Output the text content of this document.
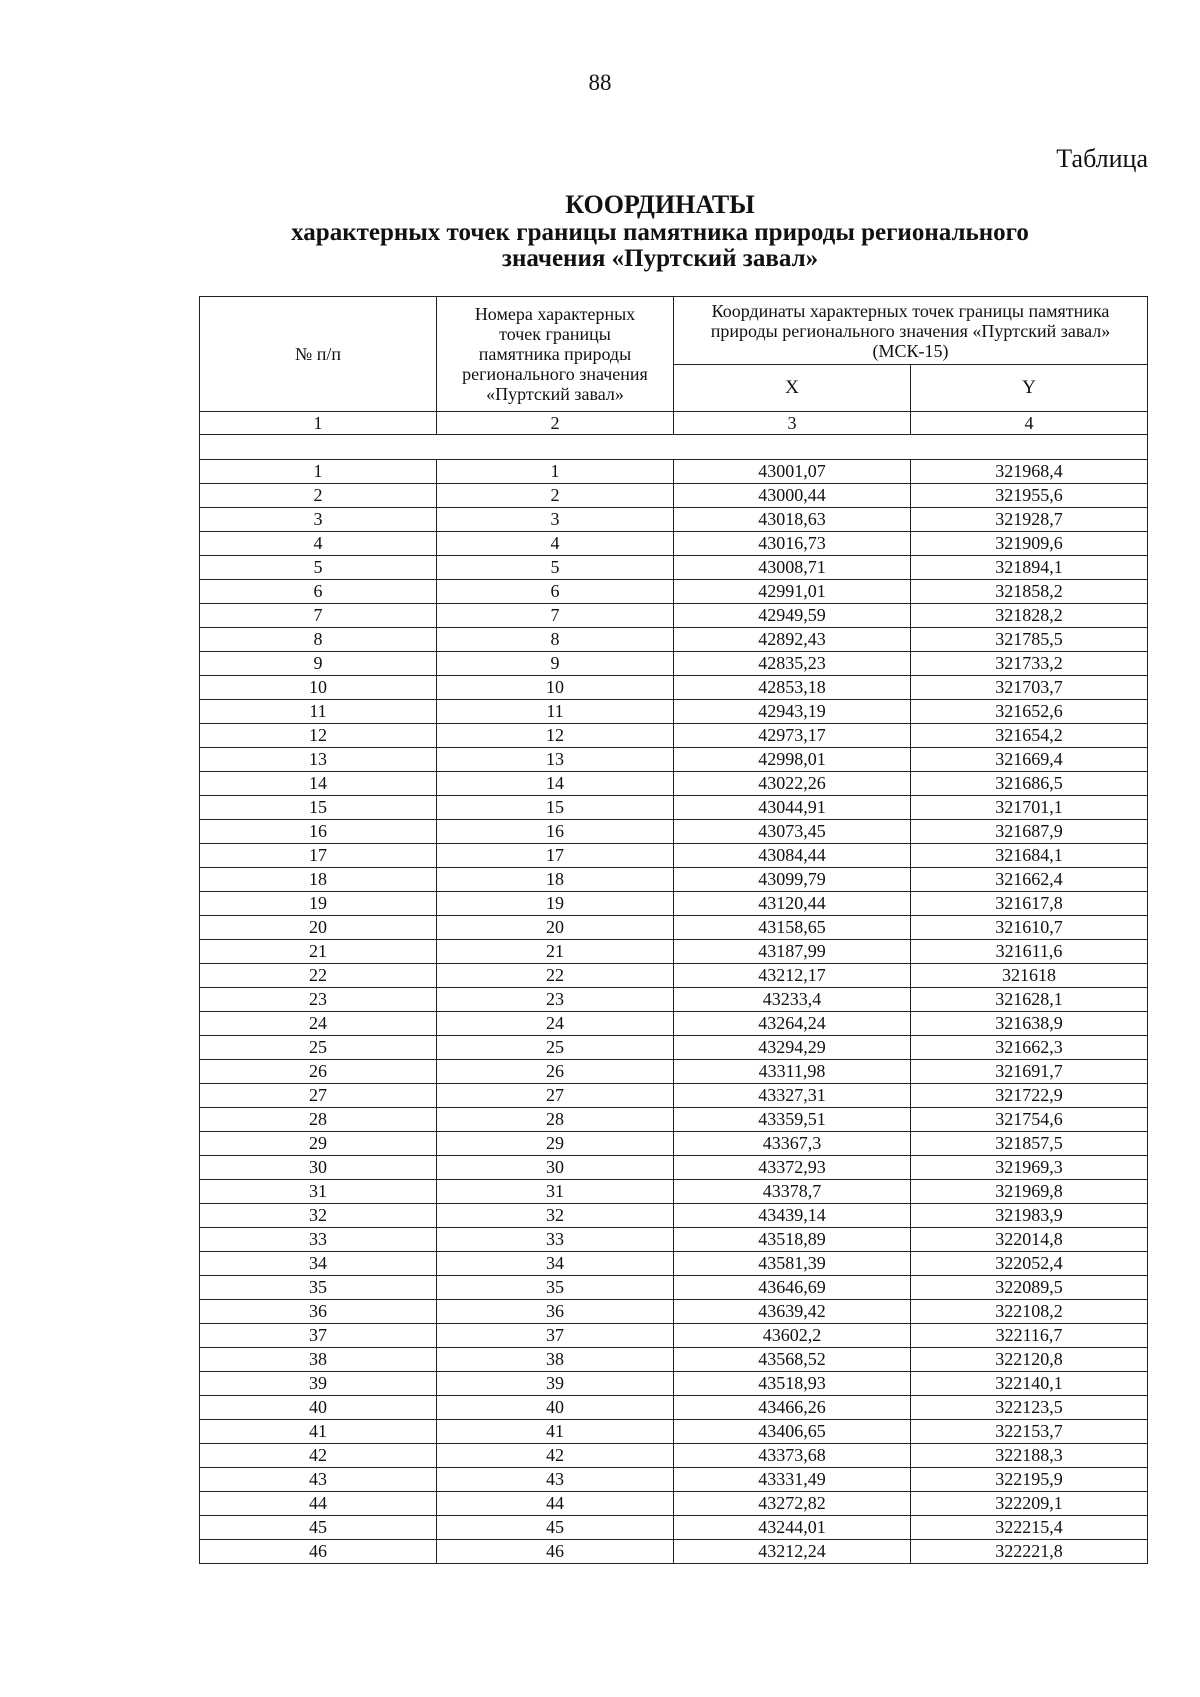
88
Таблица
КООРДИНАТЫ
характерных точек границы памятника природы регионального
значения «Пуртский завал»
№ п/п	Номера характерных точек границы памятника природы регионального значения «Пуртский завал»	Координаты характерных точек границы памятника природы регионального значения «Пуртский завал» (МСК-15)	
		X	Y
1	2	3	4

1	1	43001,07	321968,4
2	2	43000,44	321955,6
3	3	43018,63	321928,7
4	4	43016,73	321909,6
5	5	43008,71	321894,1
6	6	42991,01	321858,2
7	7	42949,59	321828,2
8	8	42892,43	321785,5
9	9	42835,23	321733,2
10	10	42853,18	321703,7
11	11	42943,19	321652,6
12	12	42973,17	321654,2
13	13	42998,01	321669,4
14	14	43022,26	321686,5
15	15	43044,91	321701,1
16	16	43073,45	321687,9
17	17	43084,44	321684,1
18	18	43099,79	321662,4
19	19	43120,44	321617,8
20	20	43158,65	321610,7
21	21	43187,99	321611,6
22	22	43212,17	321618
23	23	43233,4	321628,1
24	24	43264,24	321638,9
25	25	43294,29	321662,3
26	26	43311,98	321691,7
27	27	43327,31	321722,9
28	28	43359,51	321754,6
29	29	43367,3	321857,5
30	30	43372,93	321969,3
31	31	43378,7	321969,8
32	32	43439,14	321983,9
33	33	43518,89	322014,8
34	34	43581,39	322052,4
35	35	43646,69	322089,5
36	36	43639,42	322108,2
37	37	43602,2	322116,7
38	38	43568,52	322120,8
39	39	43518,93	322140,1
40	40	43466,26	322123,5
41	41	43406,65	322153,7
42	42	43373,68	322188,3
43	43	43331,49	322195,9
44	44	43272,82	322209,1
45	45	43244,01	322215,4
46	46	43212,24	322221,8
